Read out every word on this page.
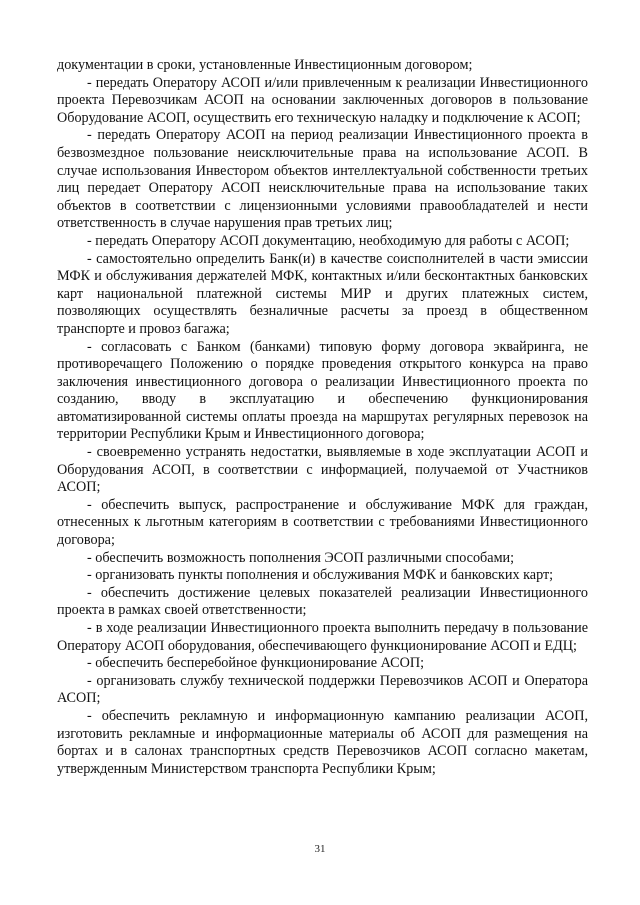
документации в сроки, установленные Инвестиционным договором;

- передать Оператору АСОП и/или привлеченным к реализации Инвестиционного проекта Перевозчикам АСОП на основании заключенных договоров в пользование Оборудование АСОП, осуществить его техническую наладку и подключение к АСОП;

- передать Оператору АСОП на период реализации Инвестиционного проекта в безвозмездное пользование неисключительные права на использование АСОП. В случае использования Инвестором объектов интеллектуальной собственности третьих лиц передает Оператору АСОП неисключительные права на использование таких объектов в соответствии с лицензионными условиями правообладателей и нести ответственность в случае нарушения прав третьих лиц;

- передать Оператору АСОП документацию, необходимую для работы с АСОП;

- самостоятельно определить Банк(и) в качестве соисполнителей в части эмиссии МФК и обслуживания держателей МФК, контактных и/или бесконтактных банковских карт национальной платежной системы МИР и других платежных систем, позволяющих осуществлять безналичные расчеты за проезд в общественном транспорте и провоз багажа;

- согласовать с Банком (банками) типовую форму договора эквайринга, не противоречащего Положению о порядке проведения открытого конкурса на право заключения инвестиционного договора о реализации Инвестиционного проекта по созданию, вводу в эксплуатацию и обеспечению функционирования автоматизированной системы оплаты проезда на маршрутах регулярных перевозок на территории Республики Крым и Инвестиционного договора;

- своевременно устранять недостатки, выявляемые в ходе эксплуатации АСОП и Оборудования АСОП, в соответствии с информацией, получаемой от Участников АСОП;

- обеспечить выпуск, распространение и обслуживание МФК для граждан, отнесенных к льготным категориям в соответствии с требованиями Инвестиционного договора;

- обеспечить возможность пополнения ЭСОП различными способами;

- организовать пункты пополнения и обслуживания МФК и банковских карт;

- обеспечить достижение целевых показателей реализации Инвестиционного проекта в рамках своей ответственности;

- в ходе реализации Инвестиционного проекта выполнить передачу в пользование Оператору АСОП оборудования, обеспечивающего функционирование АСОП и ЕДЦ;

- обеспечить бесперебойное функционирование АСОП;

- организовать службу технической поддержки Перевозчиков АСОП и Оператора АСОП;

- обеспечить рекламную и информационную кампанию реализации АСОП, изготовить рекламные и информационные материалы об АСОП для размещения на бортах и в салонах транспортных средств Перевозчиков АСОП согласно макетам, утвержденным Министерством транспорта Республики Крым;

31
